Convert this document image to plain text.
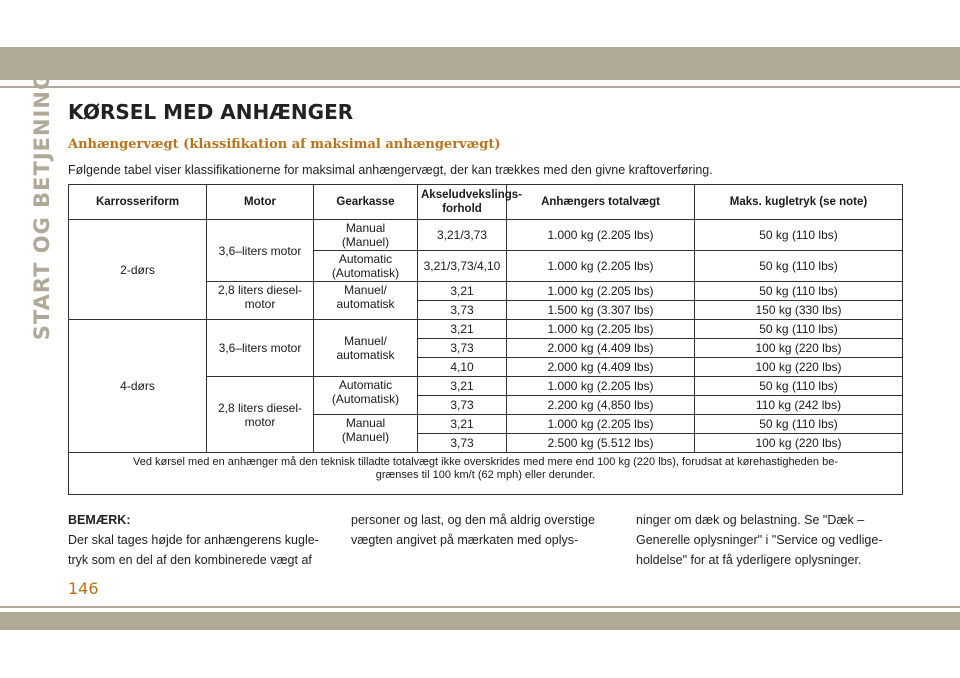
START OG BETJENING KØRSEL MED ANHÆNGER
Anhængervægt (klassifikation af maksimal anhængervægt)

Følgende tabel viser klassifikationerne for maksimal anhængervægt, der kan trækkes med den givne kraftoverføring.

Karrosseriform	Motor	Gearkasse	Akseludvekslings-
forhold	Anhængers totalvægt	Maks. kugletryk (se note)
2-dørs	3,6–liters motor	Manual
(Manuel)	3,21/3,73	1.000 kg (2.205 lbs)	50 kg (110 lbs)
		Automatic
(Automatisk)	3,21/3,73/4,10	1.000 kg (2.205 lbs)	50 kg (110 lbs)
	2,8 liters diesel-
motor	Manuel/
automatisk	3,21	1.000 kg (2.205 lbs)	50 kg (110 lbs)
			3,73	1.500 kg (3.307 lbs)	150 kg (330 lbs)
4-dørs	3,6–liters motor	Manuel/
automatisk	3,21	1.000 kg (2.205 lbs)	50 kg (110 lbs)
			3,73	2.000 kg (4.409 lbs)	100 kg (220 lbs)
			4,10	2.000 kg (4.409 lbs)	100 kg (220 lbs)
	2,8 liters diesel-
motor	Automatic
(Automatisk)	3,21	1.000 kg (2.205 lbs)	50 kg (110 lbs)
			3,73	2.200 kg (4,850 lbs)	110 kg (242 lbs)
		Manual
(Manuel)	3,21	1.000 kg (2.205 lbs)	50 kg (110 lbs)
			3,73	2.500 kg (5.512 lbs)	100 kg (220 lbs)
Ved kørsel med en anhænger må den teknisk tilladte totalvægt ikke overskrides med mere end 100 kg (220 lbs), forudsat at kørehastigheden be-
grænses til 100 km/t (62 mph) eller derunder.					

BEMÆRK:

Der skal tages højde for anhængerens kugle-
tryk som en del af den kombinerede vægt af

personer og last, og den må aldrig overstige
vægten angivet på mærkaten med oplys-

ninger om dæk og belastning. Se "Dæk –
Generelle oplysninger" i "Service og vedlige-
holdelse" for at få yderligere oplysninger.

146
